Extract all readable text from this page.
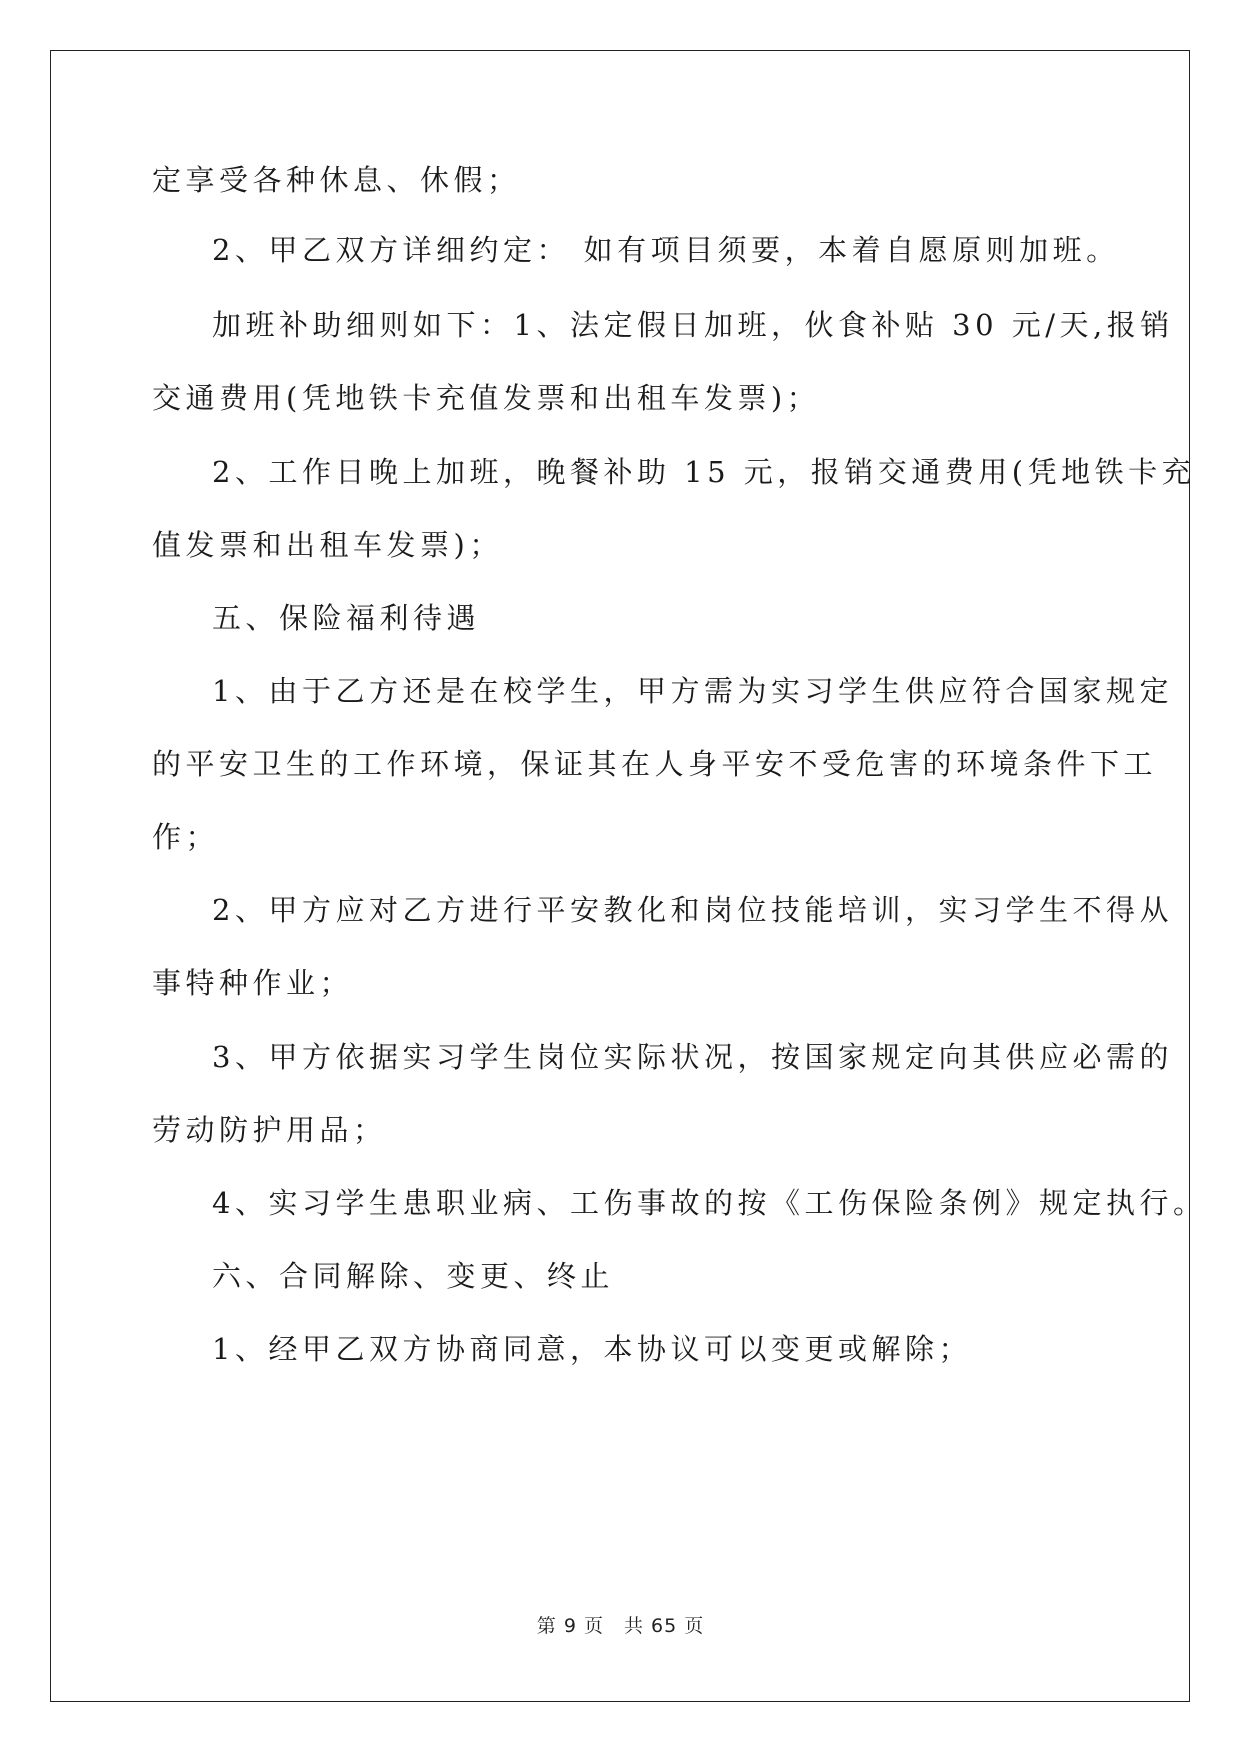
定享受各种休息、休假；
2、甲乙双方详细约定： 如有项目须要，本着自愿原则加班。
加班补助细则如下：1、法定假日加班，伙食补贴 30 元/天,报销
交通费用(凭地铁卡充值发票和出租车发票)；
2、工作日晚上加班，晚餐补助 15 元，报销交通费用(凭地铁卡充
值发票和出租车发票)；
五、保险福利待遇
1、由于乙方还是在校学生，甲方需为实习学生供应符合国家规定
的平安卫生的工作环境，保证其在人身平安不受危害的环境条件下工
作；
2、甲方应对乙方进行平安教化和岗位技能培训，实习学生不得从
事特种作业；
3、甲方依据实习学生岗位实际状况，按国家规定向其供应必需的
劳动防护用品；
4、实习学生患职业病、工伤事故的按《工伤保险条例》规定执行。
六、合同解除、变更、终止
1、经甲乙双方协商同意，本协议可以变更或解除；
第 9 页　共 65 页
